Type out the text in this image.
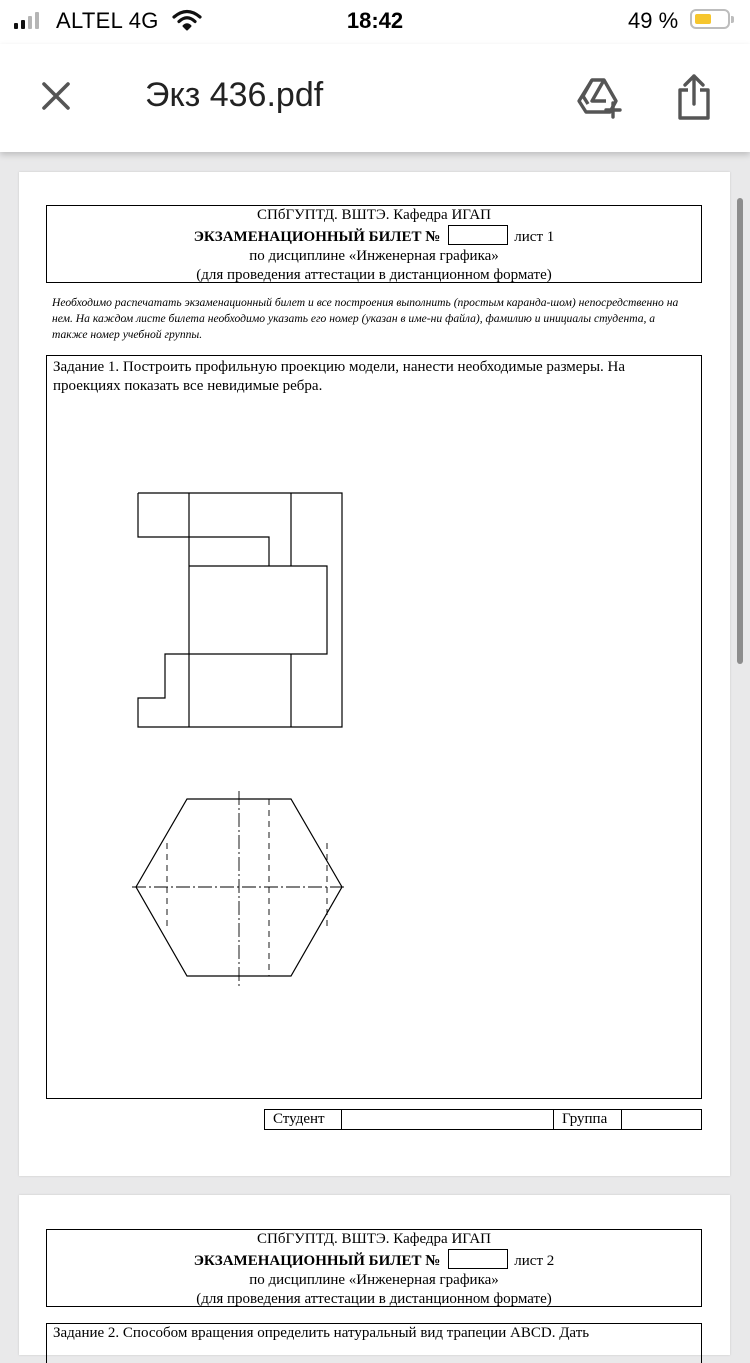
ALTEL 4G	18:42	49 %
Экз 436.pdf
СПбГУПТД. ВШТЭ. Кафедра ИГАП
ЭКЗАМЕНАЦИОННЫЙ БИЛЕТ №	лист 1
по дисциплине «Инженерная графика»
(для проведения аттестации в дистанционном формате)
Необходимо распечатать экзаменационный билет и все построения выполнить (простым каранда-шом) непосредственно на нем. На каждом листе билета необходимо указать его номер (указан в име-ни файла), фамилию и инициалы студента, а также номер учебной группы.
Задание 1. Построить профильную проекцию модели, нанести необходимые размеры. На проекциях показать все невидимые ребра.
Студент	Группа
СПбГУПТД. ВШТЭ. Кафедра ИГАП
ЭКЗАМЕНАЦИОННЫЙ БИЛЕТ №	лист 2
по дисциплине «Инженерная графика»
(для проведения аттестации в дистанционном формате)
Задание 2. Способом вращения определить натуральный вид трапеции ABCD. Дать
